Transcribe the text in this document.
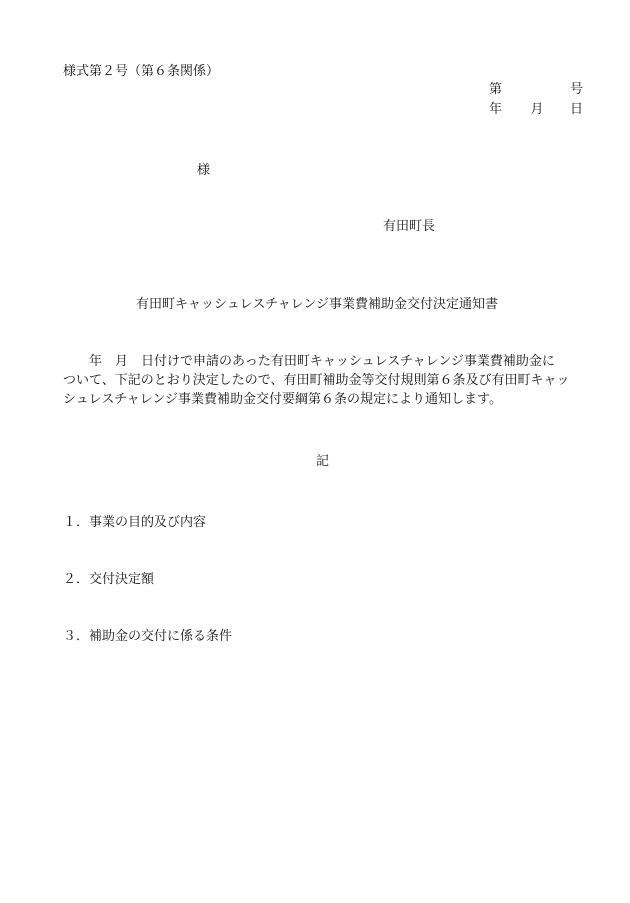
様式第２号（第６条関係）
第	号
年 月 日
様
有田町長
有田町キャッシュレスチャレンジ事業費補助金交付決定通知書
年　月　日付けで申請のあった有田町キャッシュレスチャレンジ事業費補助金に
ついて、下記のとおり決定したので、有田町補助金等交付規則第６条及び有田町キャッ
シュレスチャレンジ事業費補助金交付要綱第６条の規定により通知します。
記
１．事業の目的及び内容
２．交付決定額
３．補助金の交付に係る条件
